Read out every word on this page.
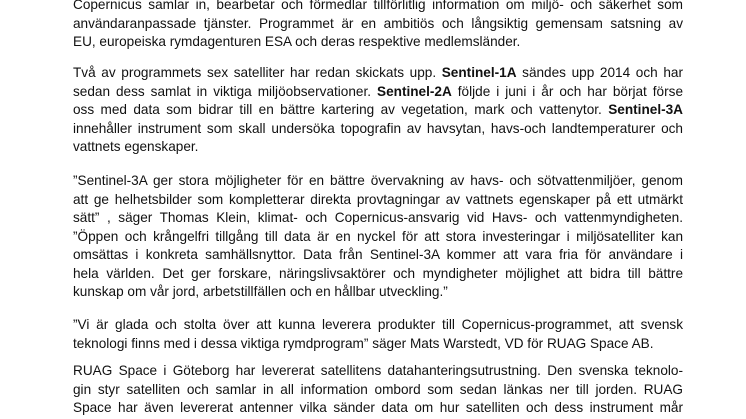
Copernicus samlar in, bearbetar och förmedlar tillförlitlig information om miljö- och säkerhet som
användaranpassade tjänster. Programmet är en ambitiös och långsiktig gemensam satsning av
EU, europeiska rymdagenturen ESA och deras respektive medlemsländer.
Två av programmets sex satelliter har redan skickats upp. Sentinel-1A sändes upp 2014 och har
sedan dess samlat in viktiga miljöobservationer. Sentinel-2A följde i juni i år och har börjat förse
oss med data som bidrar till en bättre kartering av vegetation, mark och vattenytor. Sentinel-3A
innehåller instrument som skall undersöka topografin av havsytan, havs-och landtemperaturer och
vattnets egenskaper.
”Sentinel-3A ger stora möjligheter för en bättre övervakning av havs- och sötvattenmiljöer, genom
att ge helhetsbilder som kompletterar direkta provtagningar av vattnets egenskaper på ett utmärkt
sätt” , säger Thomas Klein, klimat- och Copernicus-ansvarig vid Havs- och vattenmyndigheten.
”Öppen och krångelfri tillgång till data är en nyckel för att stora investeringar i miljösatelliter kan
omsättas i konkreta samhällsnyttor. Data från Sentinel-3A kommer att vara fria för användare i
hela världen. Det ger forskare, näringslivsaktörer och myndigheter möjlighet att bidra till bättre
kunskap om vår jord, arbetstillfällen och en hållbar utveckling.”
”Vi är glada och stolta över att kunna leverera produkter till Copernicus-programmet, att svensk
teknologi finns med i dessa viktiga rymdprogram” säger Mats Warstedt, VD för RUAG Space AB.
RUAG Space i Göteborg har levererat satellitens datahanteringsutrustning. Den svenska teknolo-
gin styr satelliten och samlar in all information ombord som sedan länkas ner till jorden. RUAG
Space har även levererat antenner vilka sänder data om hur satelliten och dess instrument mår
